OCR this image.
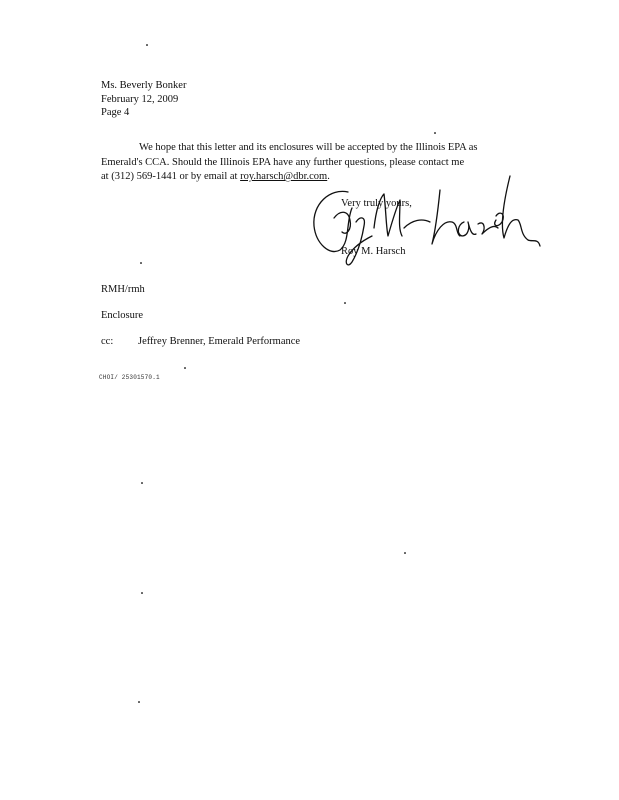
Ms. Beverly Bonker
February 12, 2009
Page 4
We hope that this letter and its enclosures will be accepted by the Illinois EPA as
Emerald's CCA. Should the Illinois EPA have any further questions, please contact me
at (312) 569-1441 or by email at roy.harsch@dbr.com.
Very truly yours,
Roy M. Harsch
RMH/rmh
Enclosure
cc: Jeffrey Brenner, Emerald Performance
CHOI/ 25301570.1
